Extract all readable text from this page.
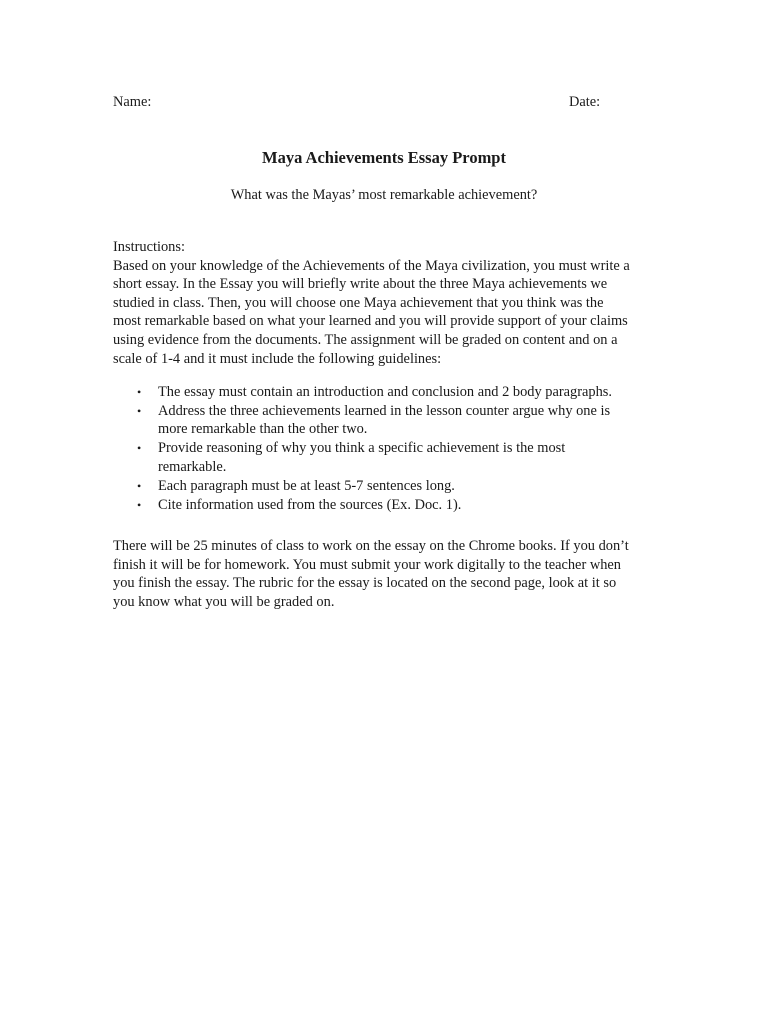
Name:	Date:
Maya Achievements Essay Prompt
What was the Mayas’ most remarkable achievement?

Instructions:

Based on your knowledge of the Achievements of the Maya civilization, you must write a
short essay. In the Essay you will briefly write about the three Maya achievements we
studied in class. Then, you will choose one Maya achievement that you think was the
most remarkable based on what your learned and you will provide support of your claims
using evidence from the documents. The assignment will be graded on content and on a
scale of 1-4 and it must include the following guidelines:

• The essay must contain an introduction and conclusion and 2 body paragraphs.
• Address the three achievements learned in the lesson counter argue why one is
more remarkable than the other two.
• Provide reasoning of why you think a specific achievement is the most
remarkable.
• Each paragraph must be at least 5-7 sentences long.
• Cite information used from the sources (Ex. Doc. 1).

There will be 25 minutes of class to work on the essay on the Chrome books. If you don’t
finish it will be for homework. You must submit your work digitally to the teacher when
you finish the essay. The rubric for the essay is located on the second page, look at it so
you know what you will be graded on.
